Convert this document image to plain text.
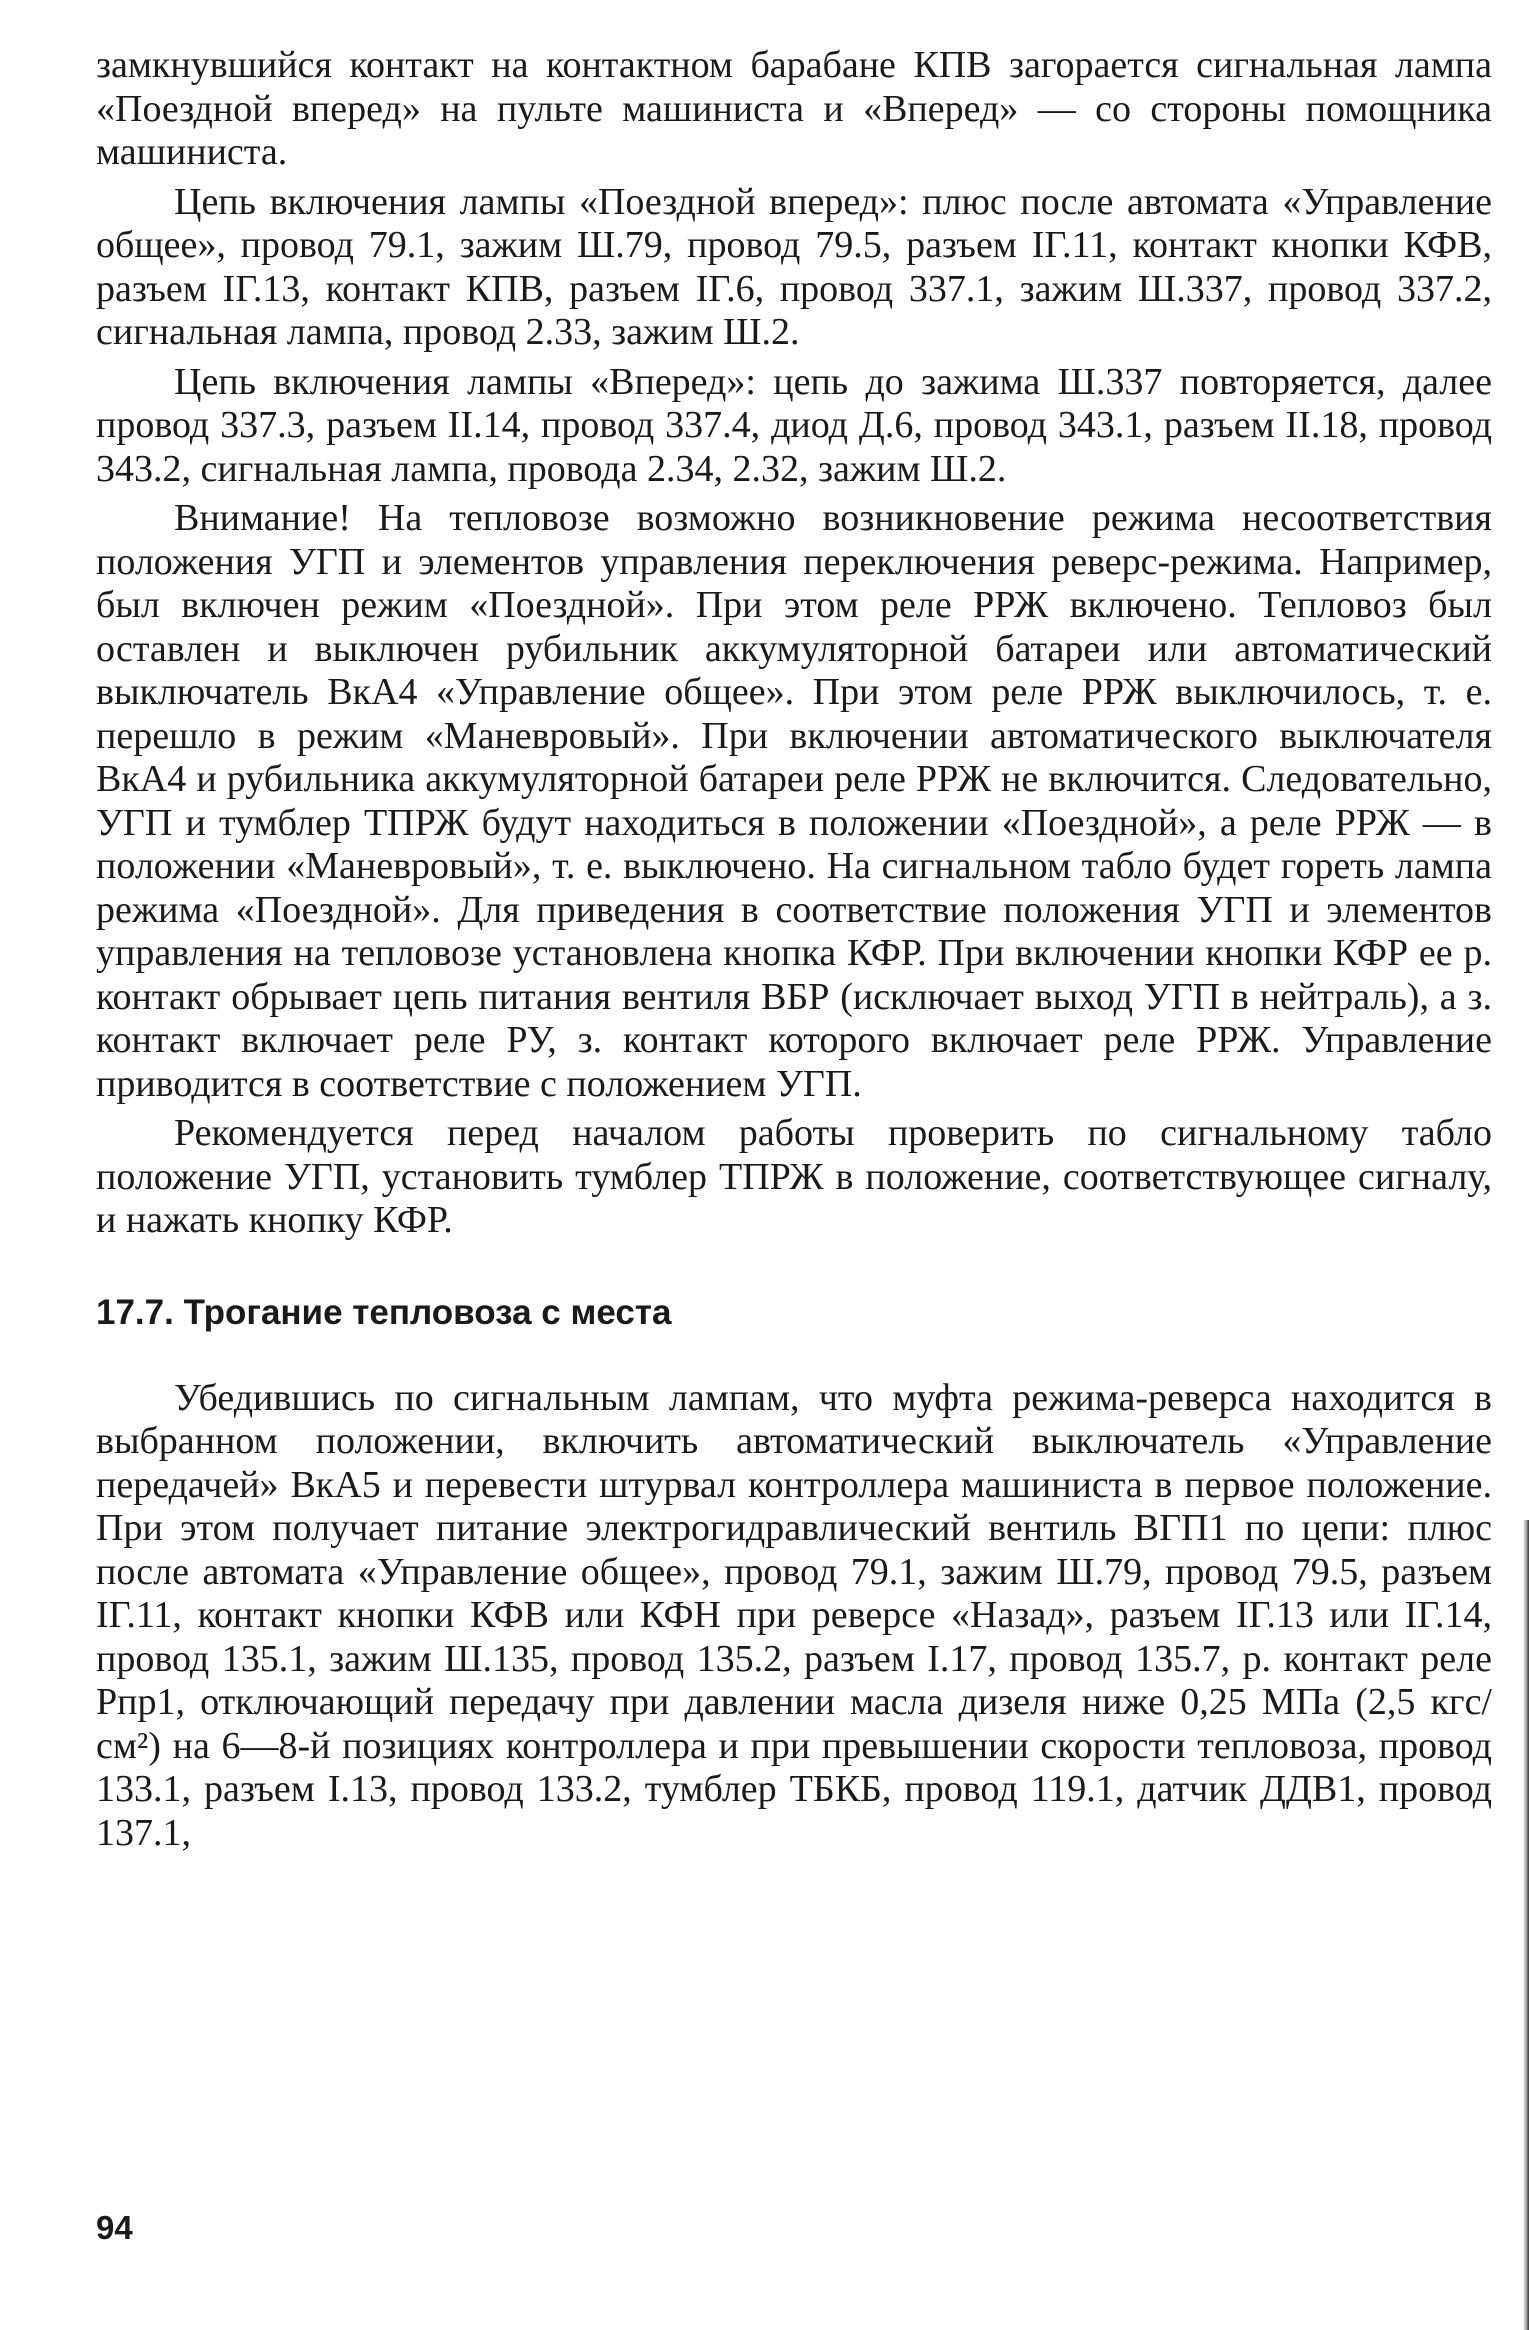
замкнувшийся контакт на контактном барабане КПВ загорается сигнальная лампа «Поездной вперед» на пульте машиниста и «Вперед» — со стороны помощника машиниста.

Цепь включения лампы «Поездной вперед»: плюс после автомата «Управление общее», провод 79.1, зажим Ш.79, провод 79.5, разъем IГ.11, контакт кнопки КФВ, разъем IГ.13, контакт КПВ, разъем IГ.6, провод 337.1, зажим Ш.337, провод 337.2, сигнальная лампа, провод 2.33, зажим Ш.2.

Цепь включения лампы «Вперед»: цепь до зажима Ш.337 повторяется, далее провод 337.3, разъем II.14, провод 337.4, диод Д.6, провод 343.1, разъем II.18, провод 343.2, сигнальная лампа, провода 2.34, 2.32, зажим Ш.2.

Внимание! На тепловозе возможно возникновение режима несоответствия положения УГП и элементов управления переключения реверс-режима. Например, был включен режим «Поездной». При этом реле РРЖ включено. Тепловоз был оставлен и выключен рубильник аккумуляторной батареи или автоматический выключатель ВкА4 «Управление общее». При этом реле РРЖ выключилось, т. е. перешло в режим «Маневровый». При включении автоматического выключателя ВкА4 и рубильника аккумуляторной батареи реле РРЖ не включится. Следовательно, УГП и тумблер ТПРЖ будут находиться в положении «Поездной», а реле РРЖ — в положении «Маневровый», т. е. выключено. На сигнальном табло будет гореть лампа режима «Поездной». Для приведения в соответствие положения УГП и элементов управления на тепловозе установлена кнопка КФР. При включении кнопки КФР ее р. контакт обрывает цепь питания вентиля ВБР (исключает выход УГП в нейтраль), а з. контакт включает реле РУ, з. контакт которого включает реле РРЖ. Управление приводится в соответствие с положением УГП.

Рекомендуется перед началом работы проверить по сигнальному табло положение УГП, установить тумблер ТПРЖ в положение, соответствующее сигналу, и нажать кнопку КФР.

17.7. Трогание тепловоза с места

Убедившись по сигнальным лампам, что муфта режима-реверса находится в выбранном положении, включить автоматический выключатель «Управление передачей» ВкА5 и перевести штурвал контроллера машиниста в первое положение. При этом получает питание электрогидравлический вентиль ВГП1 по цепи: плюс после автомата «Управление общее», провод 79.1, зажим Ш.79, провод 79.5, разъем IГ.11, контакт кнопки КФВ или КФН при реверсе «Назад», разъем IГ.13 или IГ.14, провод 135.1, зажим Ш.135, провод 135.2, разъем I.17, провод 135.7, р. контакт реле Рпр1, отключающий передачу при давлении масла дизеля ниже 0,25 МПа (2,5 кгс/см²) на 6—8-й позициях контроллера и при превышении скорости тепловоза, провод 133.1, разъем I.13, провод 133.2, тумблер ТБКБ, провод 119.1, датчик ДДВ1, провод 137.1,

94
